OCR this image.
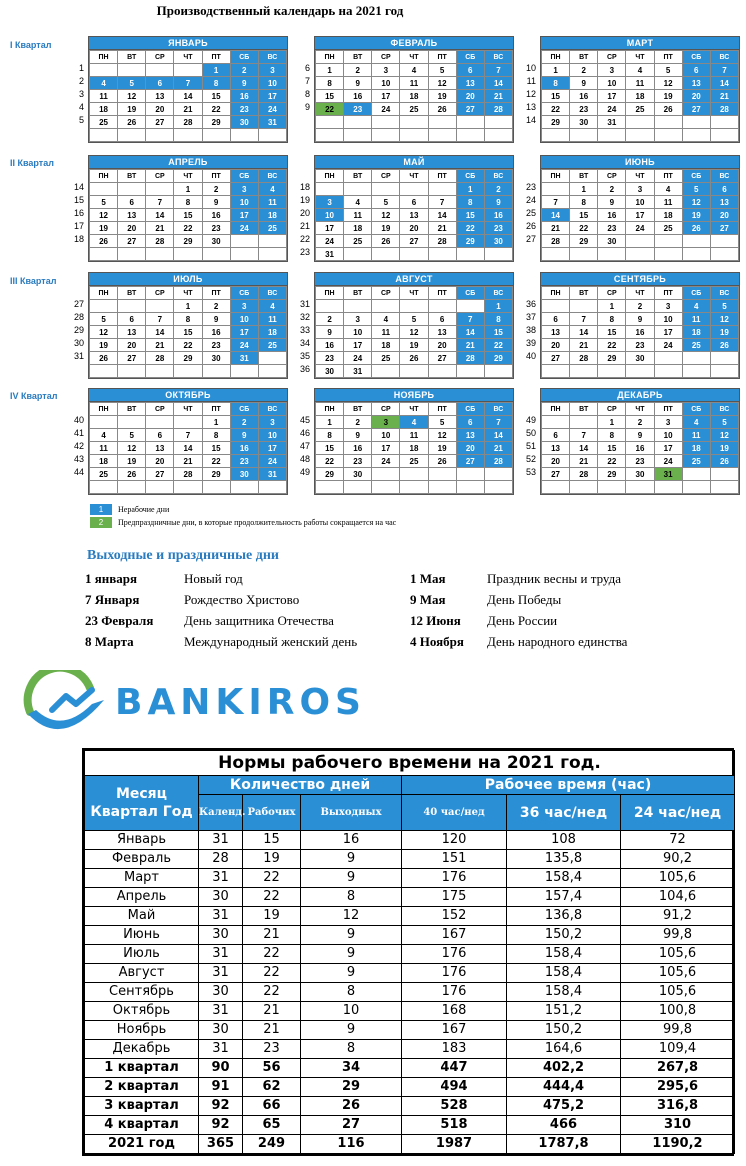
Производственный календарь на 2021 год
I Квартал
II Квартал
III Квартал
IV Квартал
ЯНВАРЬ
ПН	ВТ	СР	ЧТ	ПТ	СБ	ВС
				1	2	3
4	5	6	7	8	9	10
11	12	13	14	15	16	17
18	19	20	21	22	23	24
25	26	27	28	29	30	31

1
2
3
4
5
ФЕВРАЛЬ
ПН	ВТ	СР	ЧТ	ПТ	СБ	ВС
1	2	3	4	5	6	7
8	9	10	11	12	13	14
15	16	17	18	19	20	21
22	23	24	25	26	27	28

6
7
8
9
МАРТ
ПН	ВТ	СР	ЧТ	ПТ	СБ	ВС
1	2	3	4	5	6	7
8	9	10	11	12	13	14
15	16	17	18	19	20	21
22	23	24	25	26	27	28
29	30	31				

10
11
12
13
14
АПРЕЛЬ
ПН	ВТ	СР	ЧТ	ПТ	СБ	ВС
			1	2	3	4
5	6	7	8	9	10	11
12	13	14	15	16	17	18
19	20	21	22	23	24	25
26	27	28	29	30		

14
15
16
17
18
МАЙ
ПН	ВТ	СР	ЧТ	ПТ	СБ	ВС
					1	2
3	4	5	6	7	8	9
10	11	12	13	14	15	16
17	18	19	20	21	22	23
24	25	26	27	28	29	30
31						
18
19
20
21
22
23
ИЮНЬ
ПН	ВТ	СР	ЧТ	ПТ	СБ	ВС
	1	2	3	4	5	6
7	8	9	10	11	12	13
14	15	16	17	18	19	20
21	22	23	24	25	26	27
28	29	30				

23
24
25
26
27
ИЮЛЬ
ПН	ВТ	СР	ЧТ	ПТ	СБ	ВС
			1	2	3	4
5	6	7	8	9	10	11
12	13	14	15	16	17	18
19	20	21	22	23	24	25
26	27	28	29	30	31	

27
28
29
30
31
АВГУСТ
ПН	ВТ	СР	ЧТ	ПТ	СБ	ВС
						1
2	3	4	5	6	7	8
9	10	11	12	13	14	15
16	17	18	19	20	21	22
23	24	25	26	27	28	29
30	31					
31
32
33
34
35
36
СЕНТЯБРЬ
ПН	ВТ	СР	ЧТ	ПТ	СБ	ВС
		1	2	3	4	5
6	7	8	9	10	11	12
13	14	15	16	17	18	19
20	21	22	23	24	25	26
27	28	29	30			

36
37
38
39
40
ОКТЯБРЬ
ПН	ВТ	СР	ЧТ	ПТ	СБ	ВС
				1	2	3
4	5	6	7	8	9	10
11	12	13	14	15	16	17
18	19	20	21	22	23	24
25	26	27	28	29	30	31

40
41
42
43
44
НОЯБРЬ
ПН	ВТ	СР	ЧТ	ПТ	СБ	ВС
1	2	3	4	5	6	7
8	9	10	11	12	13	14
15	16	17	18	19	20	21
22	23	24	25	26	27	28
29	30					

45
46
47
48
49
ДЕКАБРЬ
ПН	ВТ	СР	ЧТ	ПТ	СБ	ВС
		1	2	3	4	5
6	7	8	9	10	11	12
13	14	15	16	17	18	19
20	21	22	23	24	25	26
27	28	29	30	31		

49
50
51
52
53
1	Нерабочие дни
2	Предпраздничные дни, в которые продолжительность работы сокращается на час
Выходные и праздничные дни
1 января	Новый год
7 Января	Рождество Христово
23 Февраля День защитника Отечества
8 Марта	Международный женский день
1 Мая	Праздник весны и труда
9 Мая	День Победы
12 Июня День России
4 Ноября День народного единства
BANKIROS
Нормы рабочего времени на 2021 год.						
Месяц Квартал Год	Количество дней			Рабочее время (час)		
	Календ.	Рабочих	Выходных	40 час/нед	36 час/нед	24 час/нед
Январь	31	15	16	120	108	72
Февраль	28	19	9	151	135,8	90,2
Март	31	22	9	176	158,4	105,6
Апрель	30	22	8	175	157,4	104,6
Май	31	19	12	152	136,8	91,2
Июнь	30	21	9	167	150,2	99,8
Июль	31	22	9	176	158,4	105,6
Август	31	22	9	176	158,4	105,6
Сентябрь	30	22	8	176	158,4	105,6
Октябрь	31	21	10	168	151,2	100,8
Ноябрь	30	21	9	167	150,2	99,8
Декабрь	31	23	8	183	164,6	109,4
1 квартал	90	56	34	447	402,2	267,8
2 квартал	91	62	29	494	444,4	295,6
3 квартал	92	66	26	528	475,2	316,8
4 квартал	92	65	27	518	466	310
2021 год	365	249	116	1987	1787,8	1190,2
